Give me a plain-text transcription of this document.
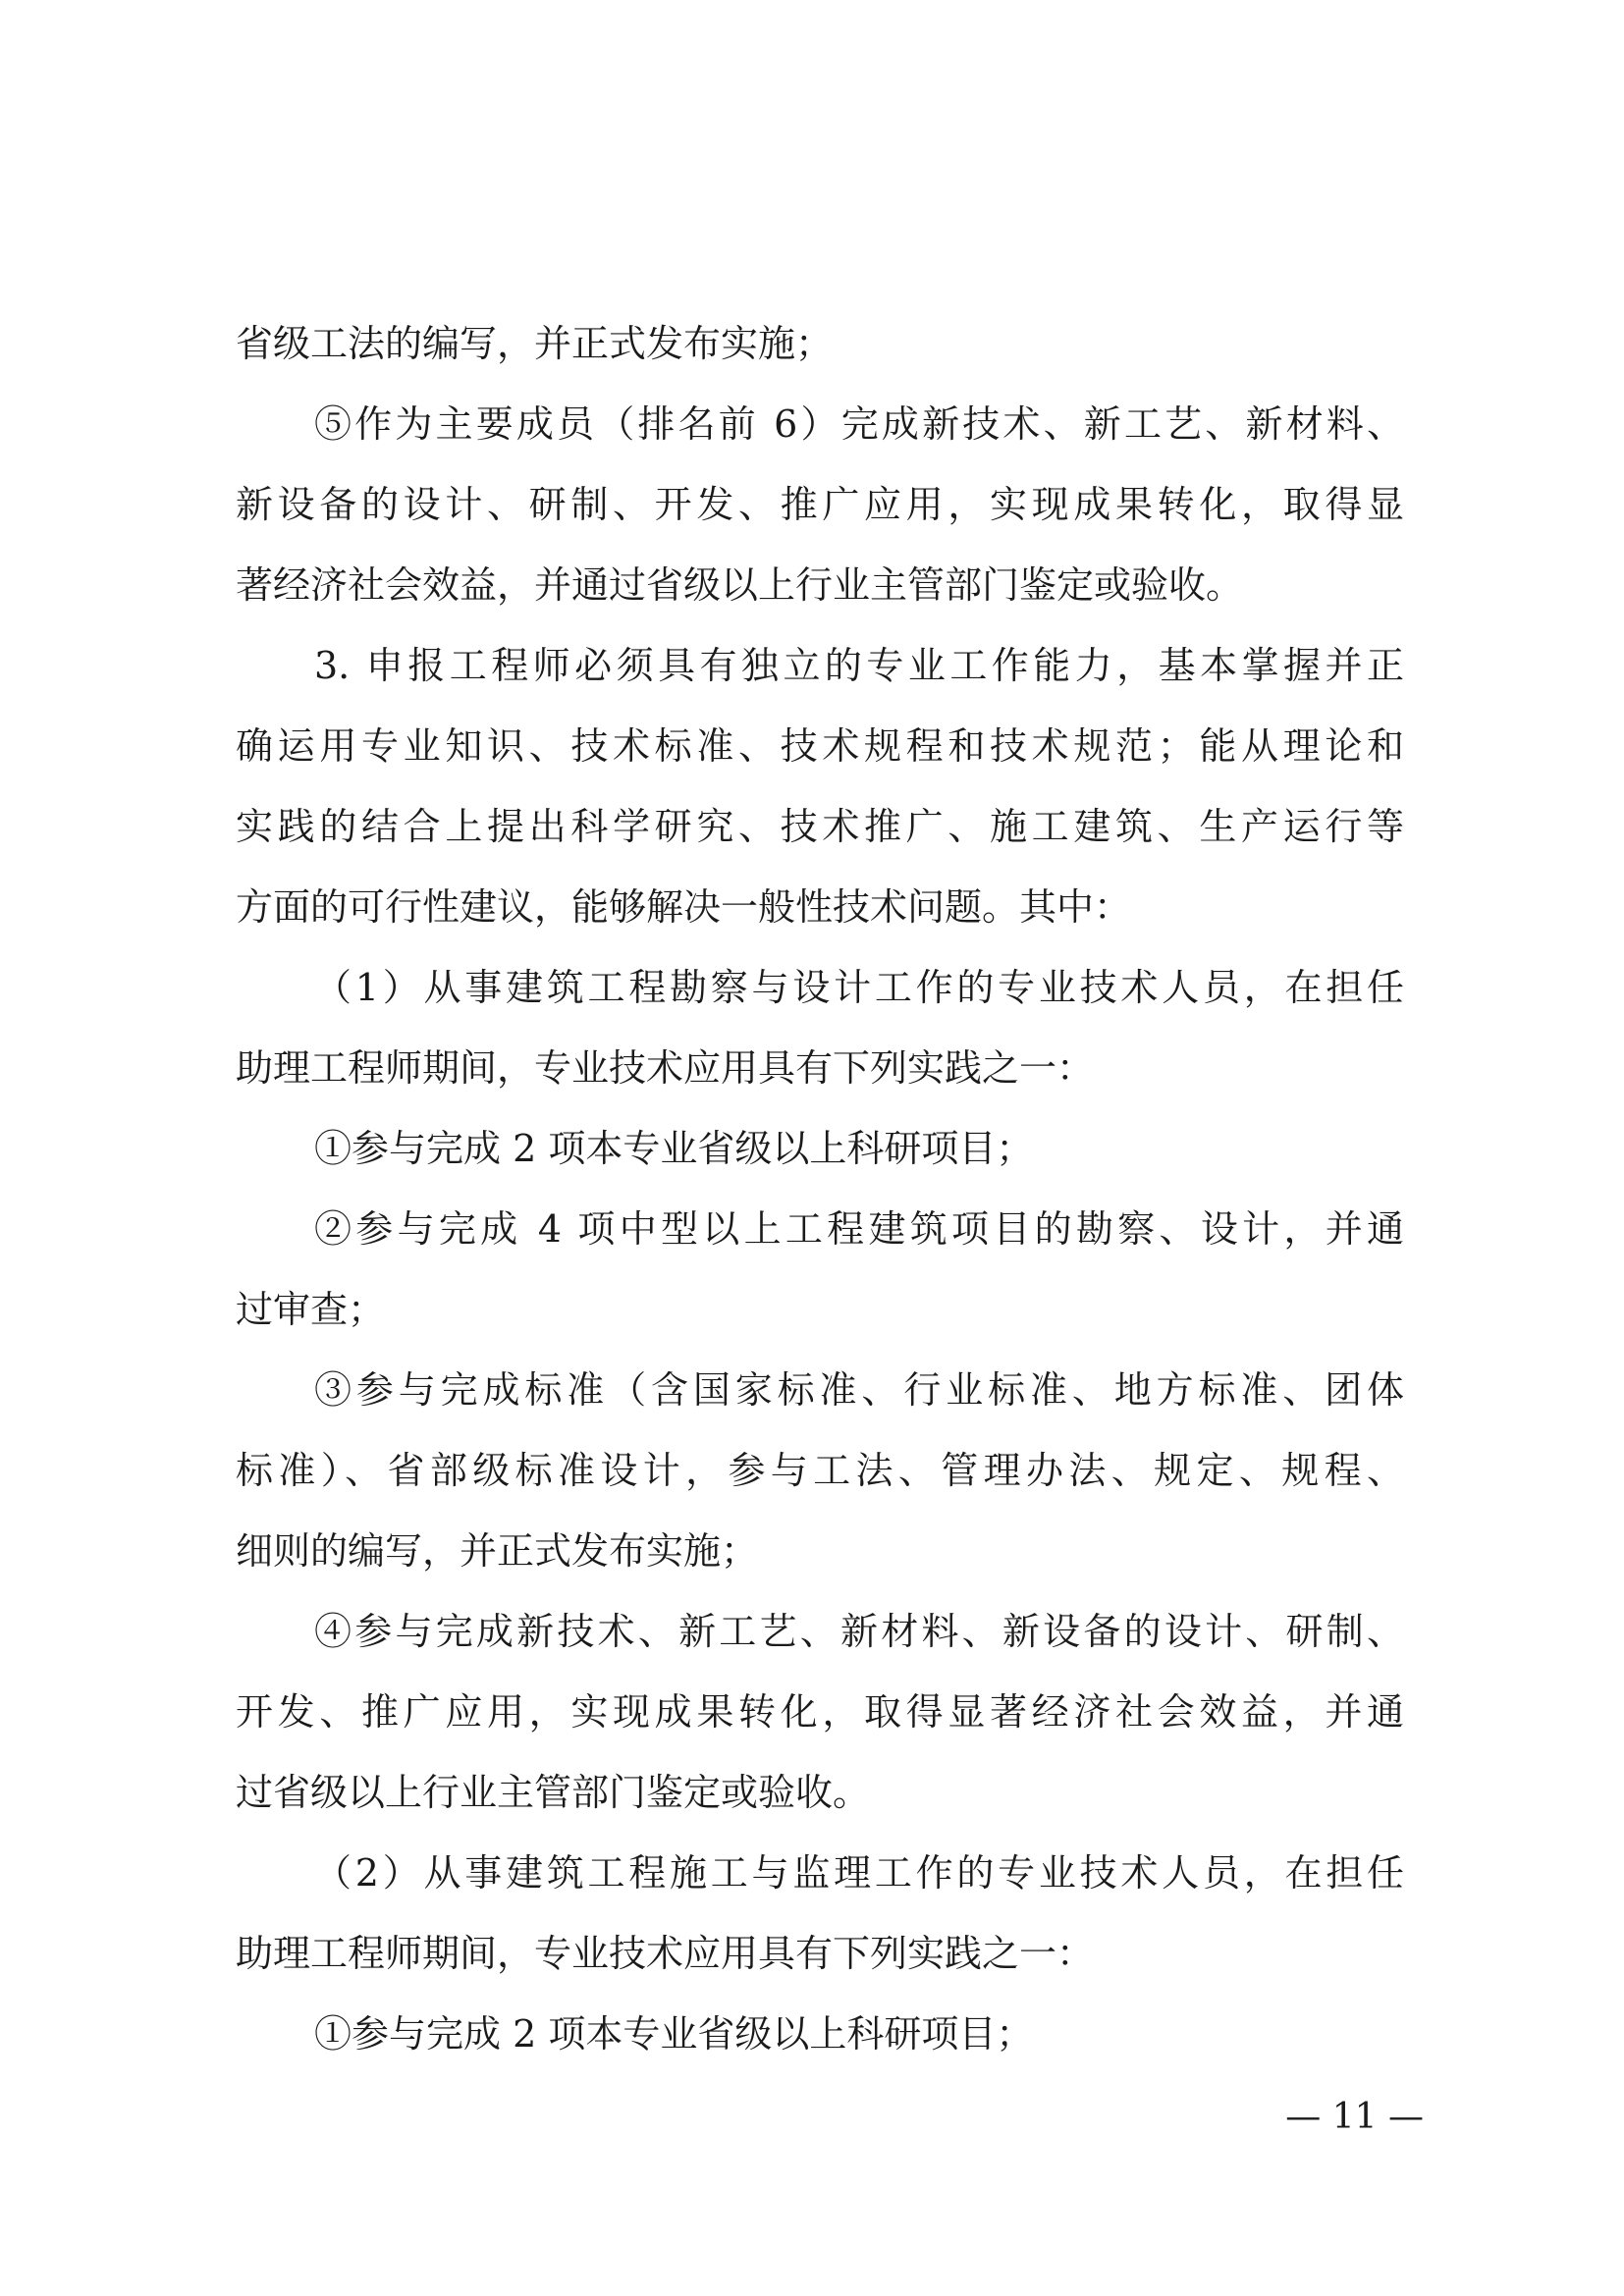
省级工法的编写，并正式发布实施；
⑤作为主要成员（排名前 6）完成新技术、新工艺、新材料、
新设备的设计、研制、开发、推广应用，实现成果转化，取得显
著经济社会效益，并通过省级以上行业主管部门鉴定或验收。
3. 申报工程师必须具有独立的专业工作能力，基本掌握并正
确运用专业知识、技术标准、技术规程和技术规范；能从理论和
实践的结合上提出科学研究、技术推广、施工建筑、生产运行等
方面的可行性建议，能够解决一般性技术问题。其中：
（1）从事建筑工程勘察与设计工作的专业技术人员，在担任
助理工程师期间，专业技术应用具有下列实践之一：
①参与完成 2 项本专业省级以上科研项目；
②参与完成 4 项中型以上工程建筑项目的勘察、设计，并通
过审查；
③参与完成标准（含国家标准、行业标准、地方标准、团体
标准）、省部级标准设计，参与工法、管理办法、规定、规程、
细则的编写，并正式发布实施；
④参与完成新技术、新工艺、新材料、新设备的设计、研制、
开发、推广应用，实现成果转化，取得显著经济社会效益，并通
过省级以上行业主管部门鉴定或验收。
（2）从事建筑工程施工与监理工作的专业技术人员，在担任
助理工程师期间，专业技术应用具有下列实践之一：
①参与完成 2 项本专业省级以上科研项目；
— 11 —
